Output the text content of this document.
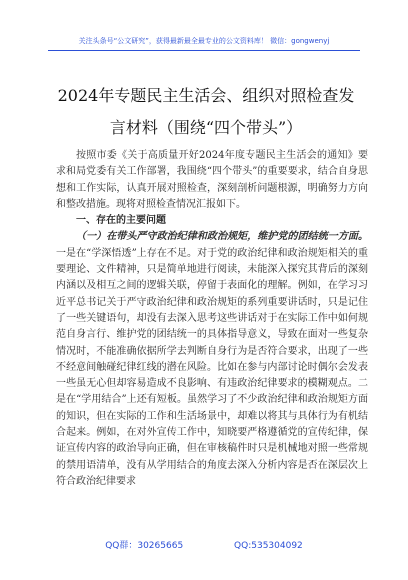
关注头条号“公文研究”，获得最新最全最专业的公文资料库！ 微信：gongwenyj
2024年专题民主生活会、组织对照检查发言材料（围绕“四个带头”）

按照市委《关于高质量开好2024年度专题民主生活会的通知》要求和局党委有关工作部署，我围绕“四个带头”的重要要求，结合自身思想和工作实际，认真开展对照检查，深刻剖析问题根源，明确努力方向和整改措施。现将对照检查情况汇报如下。

一、存在的主要问题

（一）在带头严守政治纪律和政治规矩，维护党的团结统一方面。一是在“学深悟透”上存在不足。对于党的政治纪律和政治规矩相关的重要理论、文件精神，只是简单地进行阅读，未能深入探究其背后的深刻内涵以及相互之间的逻辑关联，停留于表面化的理解。例如，在学习习近平总书记关于严守政治纪律和政治规矩的系列重要讲话时，只是记住了一些关键语句，却没有去深入思考这些讲话对于在实际工作中如何规范自身言行、维护党的团结统一的具体指导意义，导致在面对一些复杂情况时，不能准确依据所学去判断自身行为是否符合要求，出现了一些不经意间触碰纪律红线的潜在风险。比如在参与内部讨论时偶尔会发表一些虽无心但却容易造成不良影响、有违政治纪律要求的模糊观点。二是在“学用结合”上还有短板。虽然学习了不少政治纪律和政治规矩方面的知识，但在实际的工作和生活场景中，却难以将其与具体行为有机结合起来。例如，在对外宣传工作中，知晓要严格遵循党的宣传纪律，保证宣传内容的政治导向正确，但在审核稿件时只是机械地对照一些常规的禁用语清单，没有从学用结合的角度去深入分析内容是否在深层次上符合政治纪律要求

QQ群：30265665	QQ:535304092
